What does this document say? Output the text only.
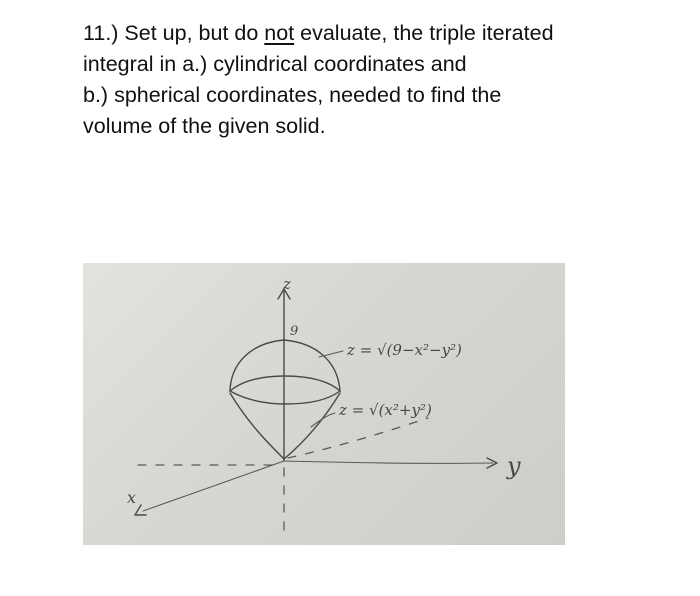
11.) Set up, but do not evaluate, the triple iterated
integral in a.) cylindrical coordinates and
b.) spherical coordinates, needed to find the
volume of the given solid.
z
9
z = √(9−x²−y²)
z = √(x²+y²)
y
x
